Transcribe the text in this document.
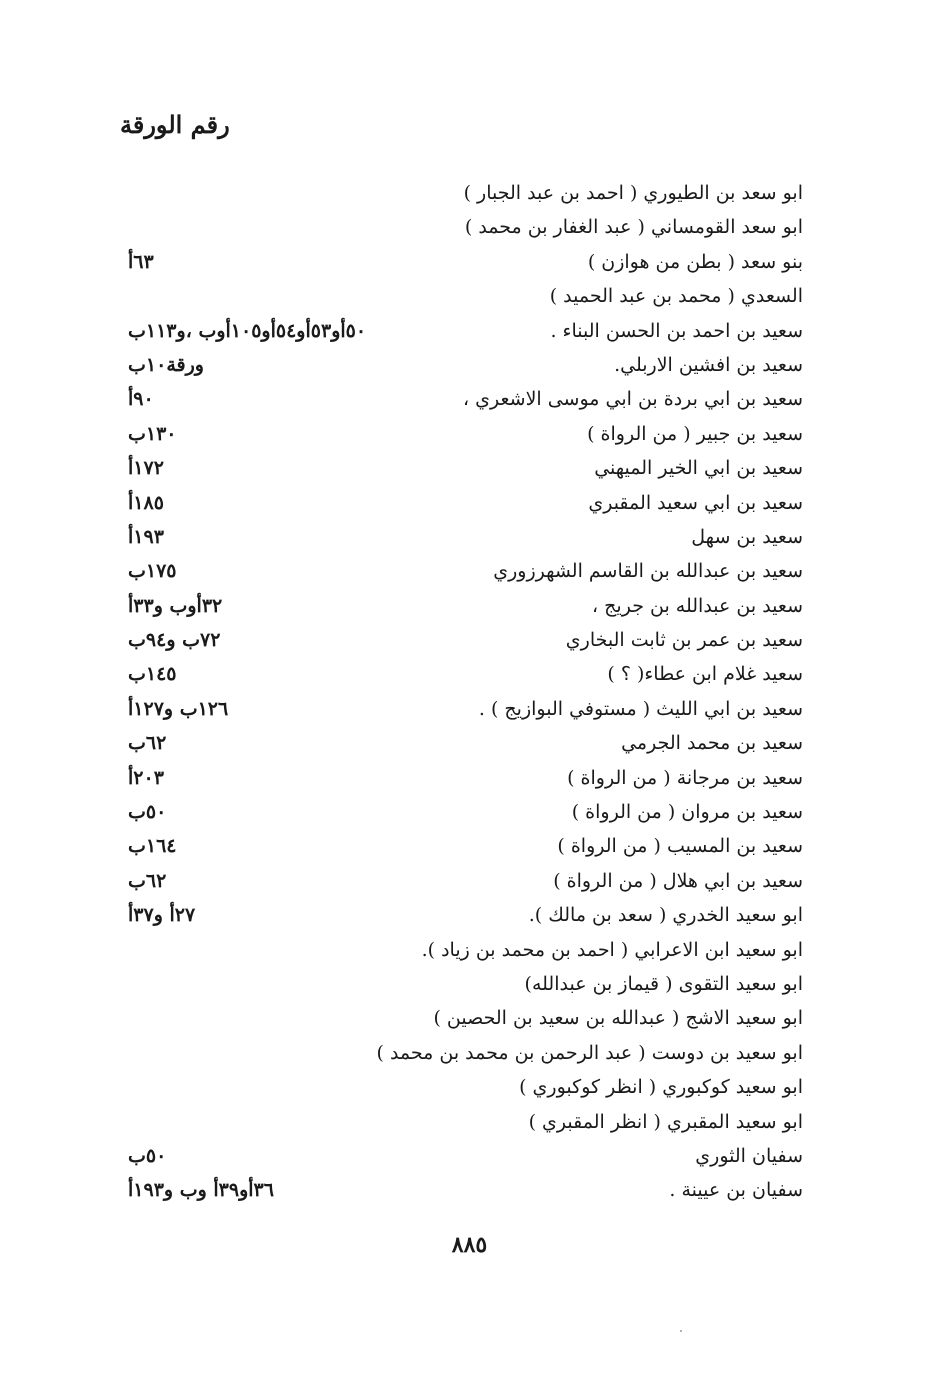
رقم الورقة
ابو سعد بن الطيوري ( احمد بن عبد الجبار )
ابو سعد القومساني ( عبد الغفار بن محمد )
بنو سعد ( بطن من هوازن )
٦٣أ
السعدي ( محمد بن عبد الحميد )
سعيد بن احمد بن الحسن البناء .
٥٠أو٥٣أو٥٤أو١٠٥أوب ،و١١٣ب
سعيد بن افشين الاربلي.
ورقة١٠ب
سعيد بن ابي بردة بن ابي موسى الاشعري ،
٩٠أ
سعيد بن جبير ( من الرواة )
١٣٠ب
سعيد بن ابي الخير الميهني
١٧٢أ
سعيد بن ابي سعيد المقبري
١٨٥أ
سعيد بن سهل
١٩٣أ
سعيد بن عبدالله بن القاسم الشهرزوري
١٧٥ب
سعيد بن عبدالله بن جريج ،
٣٢أوب و٣٣أ
سعيد بن عمر بن ثابت البخاري
٧٢ب و٩٤ب
سعيد غلام ابن عطاء( ؟ )
١٤٥ب
سعيد بن ابي الليث ( مستوفي البوازيج ) .
١٢٦ب و١٢٧أ
سعيد بن محمد الجرمي
٦٢ب
سعيد بن مرجانة ( من الرواة )
٢٠٣أ
سعيد بن مروان ( من الرواة )
٥٠ب
سعيد بن المسيب ( من الرواة )
١٦٤ب
سعيد بن ابي هلال ( من الرواة )
٦٢ب
ابو سعيد الخدري ( سعد بن مالك ).
٢٧أ و٣٧أ
ابو سعيد ابن الاعرابي ( احمد بن محمد بن زياد ).
ابو سعيد التقوى ( قيماز بن عبدالله)
ابو سعيد الاشج ( عبدالله بن سعيد بن الحصين )
ابو سعيد بن دوست ( عبد الرحمن بن محمد بن محمد )
ابو سعيد كوكبوري ( انظر كوكبوري )
ابو سعيد المقبري ( انظر المقبري )
سفيان الثوري
٥٠ب
سفيان بن عيينة .
٣٦أو٣٩أ وب و١٩٣أ
٨٨٥
